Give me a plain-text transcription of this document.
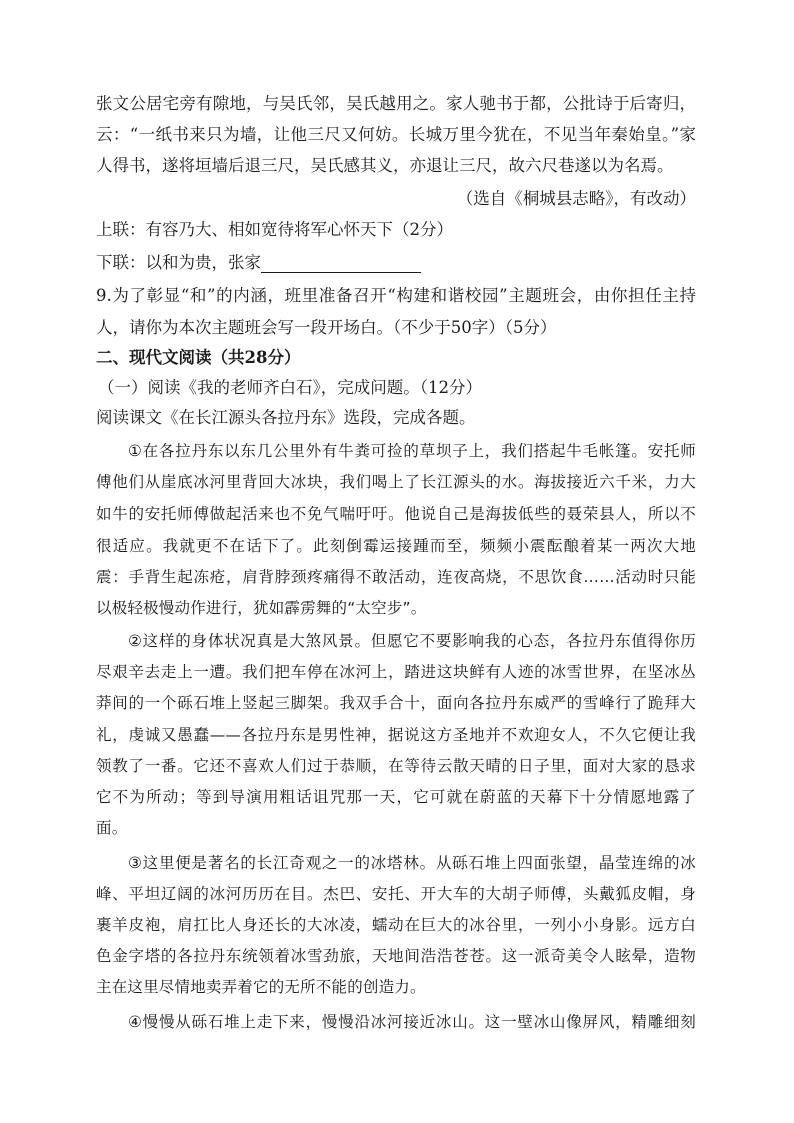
张文公居宅旁有隙地，与吴氏邻，吴氏越用之。家人驰书于都，公批诗于后寄归，
云：“一纸书来只为墙，让他三尺又何妨。长城万里今犹在，不见当年秦始皇。”家
人得书，遂将垣墙后退三尺，吴氏感其义，亦退让三尺，故六尺巷遂以为名焉。
（选自《桐城县志略》，有改动）
上联：有容乃大、相如宽待将军心怀天下（2分）
下联：以和为贵，张家
9.为了彰显“和”的内涵，班里准备召开“构建和谐校园”主题班会，由你担任主持
人，请你为本次主题班会写一段开场白。（不少于50字）（5分）
二、现代文阅读（共28分）
（一）阅读《我的老师齐白石》，完成问题。（12分）
阅读课文《在长江源头各拉丹东》选段，完成各题。
①在各拉丹东以东几公里外有牛粪可捡的草坝子上，我们搭起牛毛帐篷。安托师
傅他们从崖底冰河里背回大冰块，我们喝上了长江源头的水。海拔接近六千米，力大
如牛的安托师傅做起活来也不免气喘吁吁。他说自己是海拔低些的聂荣县人，所以不
很适应。我就更不在话下了。此刻倒霉运接踵而至，频频小震酝酿着某一两次大地
震：手背生起冻疮，肩背脖颈疼痛得不敢活动，连夜高烧，不思饮食……活动时只能
以极轻极慢动作进行，犹如霹雳舞的“太空步”。
②这样的身体状况真是大煞风景。但愿它不要影响我的心态，各拉丹东值得你历
尽艰辛去走上一遭。我们把车停在冰河上，踏进这块鲜有人迹的冰雪世界，在坚冰丛
莽间的一个砾石堆上竖起三脚架。我双手合十，面向各拉丹东威严的雪峰行了跪拜大
礼，虔诚又愚蠢——各拉丹东是男性神，据说这方圣地并不欢迎女人，不久它便让我
领教了一番。它还不喜欢人们过于恭顺，在等待云散天晴的日子里，面对大家的恳求
它不为所动；等到导演用粗话诅咒那一天，它可就在蔚蓝的天幕下十分情愿地露了
面。
③这里便是著名的长江奇观之一的冰塔林。从砾石堆上四面张望，晶莹连绵的冰
峰、平坦辽阔的冰河历历在目。杰巴、安托、开大车的大胡子师傅，头戴狐皮帽，身
裹羊皮袍，肩扛比人身还长的大冰凌，蠕动在巨大的冰谷里，一列小小身影。远方白
色金字塔的各拉丹东统领着冰雪劲旅，天地间浩浩苍苍。这一派奇美令人眩晕，造物
主在这里尽情地卖弄着它的无所不能的创造力。
④慢慢从砾石堆上走下来，慢慢沿冰河接近冰山。这一壁冰山像屏风，精雕细刻
